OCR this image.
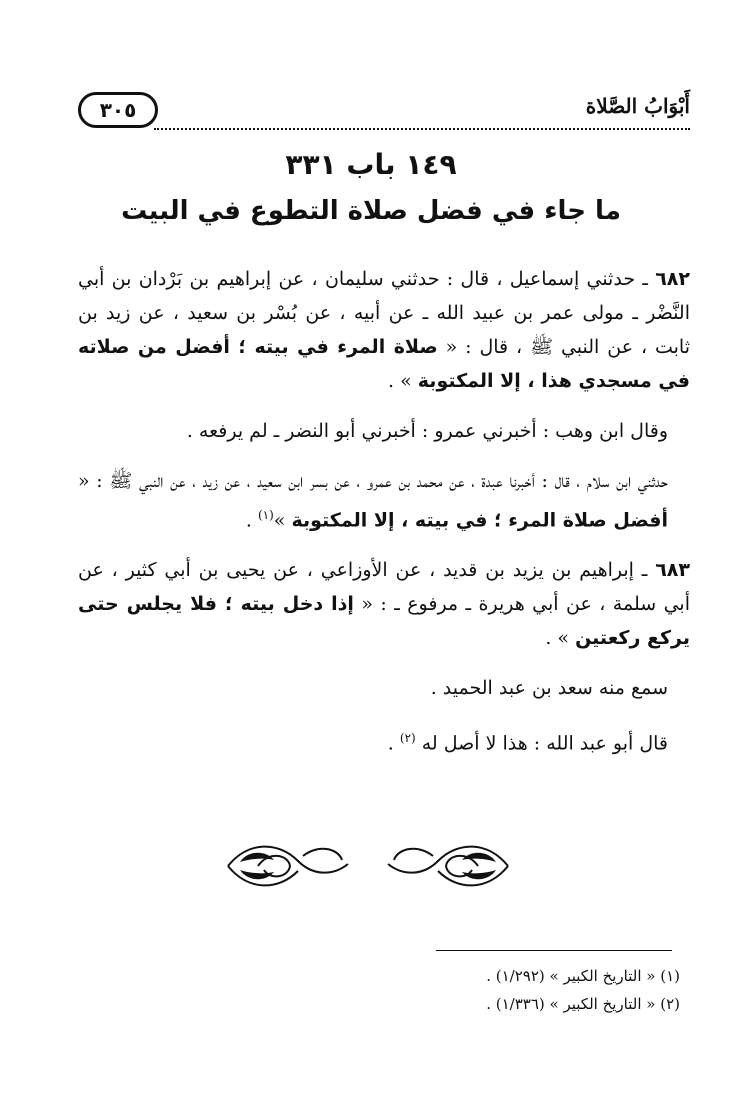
٣٠٥	أَبْوَابُ الصَّلاة
١٤٩ باب ٣٣١
ما جاء في فضل صلاة التطوع في البيت

٦٨٢ ـ حدثني إسماعيل ، قال : حدثني سليمان ، عن إبراهيم بن بَرْدان بن أبي النَّضْر ـ مولى عمر بن عبيد الله ـ عن أبيه ، عن بُسْر بن سعيد ، عن زيد بن ثابت ، عن النبي ﷺ ، قال : « صلاة المرء في بيته ؛ أفضل من صلاته في مسجدي هذا ، إلا المكتوبة » .

وقال ابن وهب : أخبرني عمرو : أخبرني أبو النضر ـ لم يرفعه .

حدثني ابن سلام ، قال : أخبرنا عبدة ، عن محمد بن عمرو ، عن بسر ابن سعيد ، عن زيد ، عن النبي ﷺ : « أفضل صلاة المرء ؛ في بيته ، إلا المكتوبة »$^{(١)}$ .

٦٨٣ ـ إبراهيم بن يزيد بن قديد ، عن الأوزاعي ، عن يحيى بن أبي كثير ، عن أبي سلمة ، عن أبي هريرة ـ مرفوع ـ : « إذا دخل بيته ؛ فلا يجلس حتى يركع ركعتين » .

سمع منه سعد بن عبد الحميد .

قال أبو عبد الله : هذا لا أصل له $^{(٢)}$ .

(١) « التاريخ الكبير » (١/٢٩٢) .
(٢) « التاريخ الكبير » (١/٣٣٦) .
